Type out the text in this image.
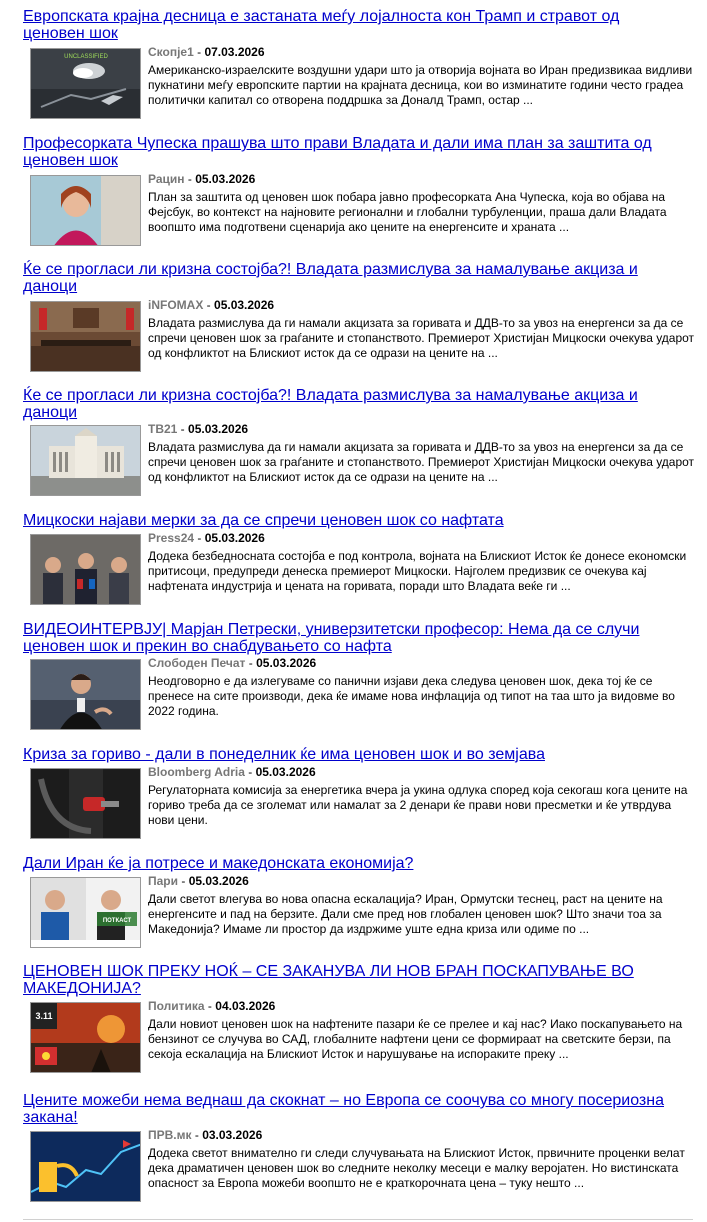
Европската крајна десница е застаната меѓу лојалноста кон Трамп и стравот од ценовен шок
UNCLASSIFIED	Скопје1 - 07.03.2026
Американско-израелските воздушни удари што ја отворија војната во Иран предизвикаа видливи пукнатини меѓу европските партии на крајната десница, кои во изминатите години често градеа политички капитал со отворена поддршка за Доналд Трамп, остар ...
Професорката Чупеска прашува што прави Владата и дали има план за заштита од ценовен шок
Рацин - 05.03.2026
План за заштита од ценовен шок побара јавно професорката Ана Чупеска, која во објава на Фејсбук, во контекст на најновите регионални и глобални турбуленции, праша дали Владата воопшто има подготвени сценарија ако цените на енергенсите и храната ...
Ќе се прогласи ли кризна состојба?! Владата размислува за намалување акциза и даноци
iNFOMAX - 05.03.2026
Владата размислува да ги намали акцизата за горивата и ДДВ-то за увоз на енергенси за да се спречи ценовен шок за граѓаните и стопанството. Премиерот Христијан Мицкоски очекува ударот од конфликтот на Блискиот исток да се одрази на цените на ...
Ќе се прогласи ли кризна состојба?! Владата размислува за намалување акциза и даноци
ТВ21 - 05.03.2026
Владата размислува да ги намали акцизата за горивата и ДДВ-то за увоз на енергенси за да се спречи ценовен шок за граѓаните и стопанството. Премиерот Христијан Мицкоски очекува ударот од конфликтот на Блискиот исток да се одрази на цените на ...
Мицкоски најави мерки за да се спречи ценовен шок со нафтата
Press24 - 05.03.2026
Додека безбедносната состојба е под контрола, војната на Блискиот Исток ќе донесе економски притисоци, предупреди денеска премиерот Мицкоски. Најголем предизвик се очекува кај нафтената индустрија и цената на горивата, поради што Владата веќе ги ...
ВИДЕОИНТЕРВЈУ| Марјан Петрески, универзитетски професор: Нема да се случи ценовен шок и прекин во снабдувањето со нафта
Слободен Печат - 05.03.2026
Неодговорно е да излегуваме со панични изјави дека следува ценовен шок, дека тој ќе се пренесе на сите производи, дека ќе имаме нова инфлација од типот на таа што ја видовме во 2022 година.
Криза за гориво - дали в понеделник ќе има ценовен шок и во земјава
Bloomberg Adria - 05.03.2026
Регулаторната комисија за енергетика вчера ја укина одлука според која секогаш кога цените на гориво треба да се зголемат или намалат за 2 денари ќе прави нови пресметки и ќе утврдува нови цени.
Дали Иран ќе ја потресе и македонската економија?
ПОТКАСТ
Пари - 05.03.2026
Дали светот влегува во нова опасна ескалација? Иран, Ормутски теснец, раст на цените на енергенсите и пад на берзите. Дали сме пред нов глобален ценовен шок? Што значи тоа за Македонија? Имаме ли простор да издржиме уште една криза или одиме по ...
ЦЕНОВЕН ШОК ПРЕКУ НОЌ – СЕ ЗАКАНУВА ЛИ НОВ БРАН ПОСКАПУВАЊЕ ВО МАКЕДОНИЈА?
3.11
Политика - 04.03.2026
Дали новиот ценовен шок на нафтените пазари ќе се прелее и кај нас? Иако поскапувањето на бензинот се случува во САД, глобалните нафтени цени се формираат на светските берзи, па секоја ескалација на Блискиот Исток и нарушување на испораките преку ...
Цените можеби нема веднаш да скокнат – но Европа се соочува со многу посериозна закана!
ПРВ.мк - 03.03.2026
Додека светот внимателно ги следи случувањата на Блискиот Исток, првичните проценки велат дека драматичен ценовен шок во следните неколку месеци е малку веројатен. Но вистинската опасност за Европа можеби воопшто не е краткорочната цена – туку нешто ...
